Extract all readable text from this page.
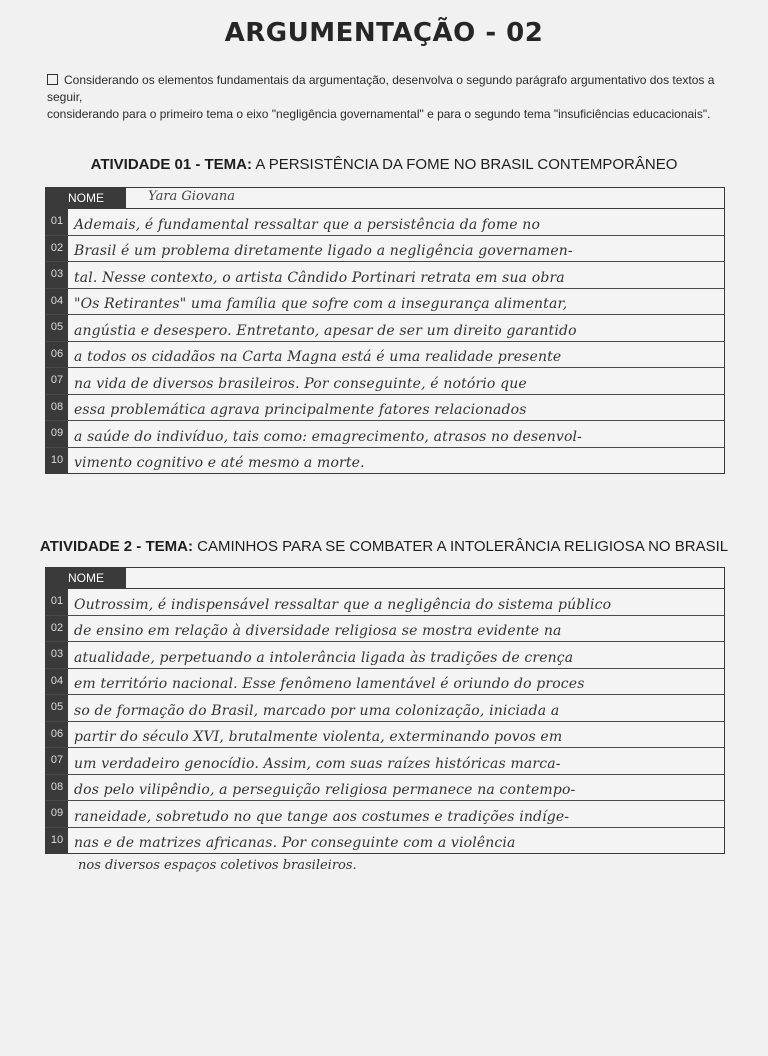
ARGUMENTAÇÃO - 02
Considerando os elementos fundamentais da argumentação, desenvolva o segundo parágrafo argumentativo dos textos a seguir,
considerando para o primeiro tema o eixo "negligência governamental" e para o segundo tema "insuficiências educacionais".
ATIVIDADE 01 - TEMA: A PERSISTÊNCIA DA FOME NO BRASIL CONTEMPORÂNEO
NOME	Yara Giovana
01 Ademais, é fundamental ressaltar que a persistência da fome no
02 Brasil é um problema diretamente ligado a negligência governamen-
03 tal. Nesse contexto, o artista Cândido Portinari retrata em sua obra
04 "Os Retirantes" uma família que sofre com a insegurança alimentar,
05 angústia e desespero. Entretanto, apesar de ser um direito garantido
06 a todos os cidadãos na Carta Magna está é uma realidade presente
07 na vida de diversos brasileiros. Por conseguinte, é notório que
08 essa problemática agrava principalmente fatores relacionados
09 a saúde do indivíduo, tais como: emagrecimento, atrasos no desenvol-
10 vimento cognitivo e até mesmo a morte.
ATIVIDADE 2 - TEMA: CAMINHOS PARA SE COMBATER A INTOLERÂNCIA RELIGIOSA NO BRASIL
NOME
01 Outrossim, é indispensável ressaltar que a negligência do sistema público
02 de ensino em relação à diversidade religiosa se mostra evidente na
03 atualidade, perpetuando a intolerância ligada às tradições de crença
04 em território nacional. Esse fenômeno lamentável é oriundo do proces
05 so de formação do Brasil, marcado por uma colonização, iniciada a
06 partir do século XVI, brutalmente violenta, exterminando povos em
07 um verdadeiro genocídio. Assim, com suas raízes históricas marca-
08 dos pelo vilipêndio, a perseguição religiosa permanece na contempo-
09 raneidade, sobretudo no que tange aos costumes e tradições indíge-
10 nas e de matrizes africanas. Por conseguinte com a violência
nos diversos espaços coletivos brasileiros.
